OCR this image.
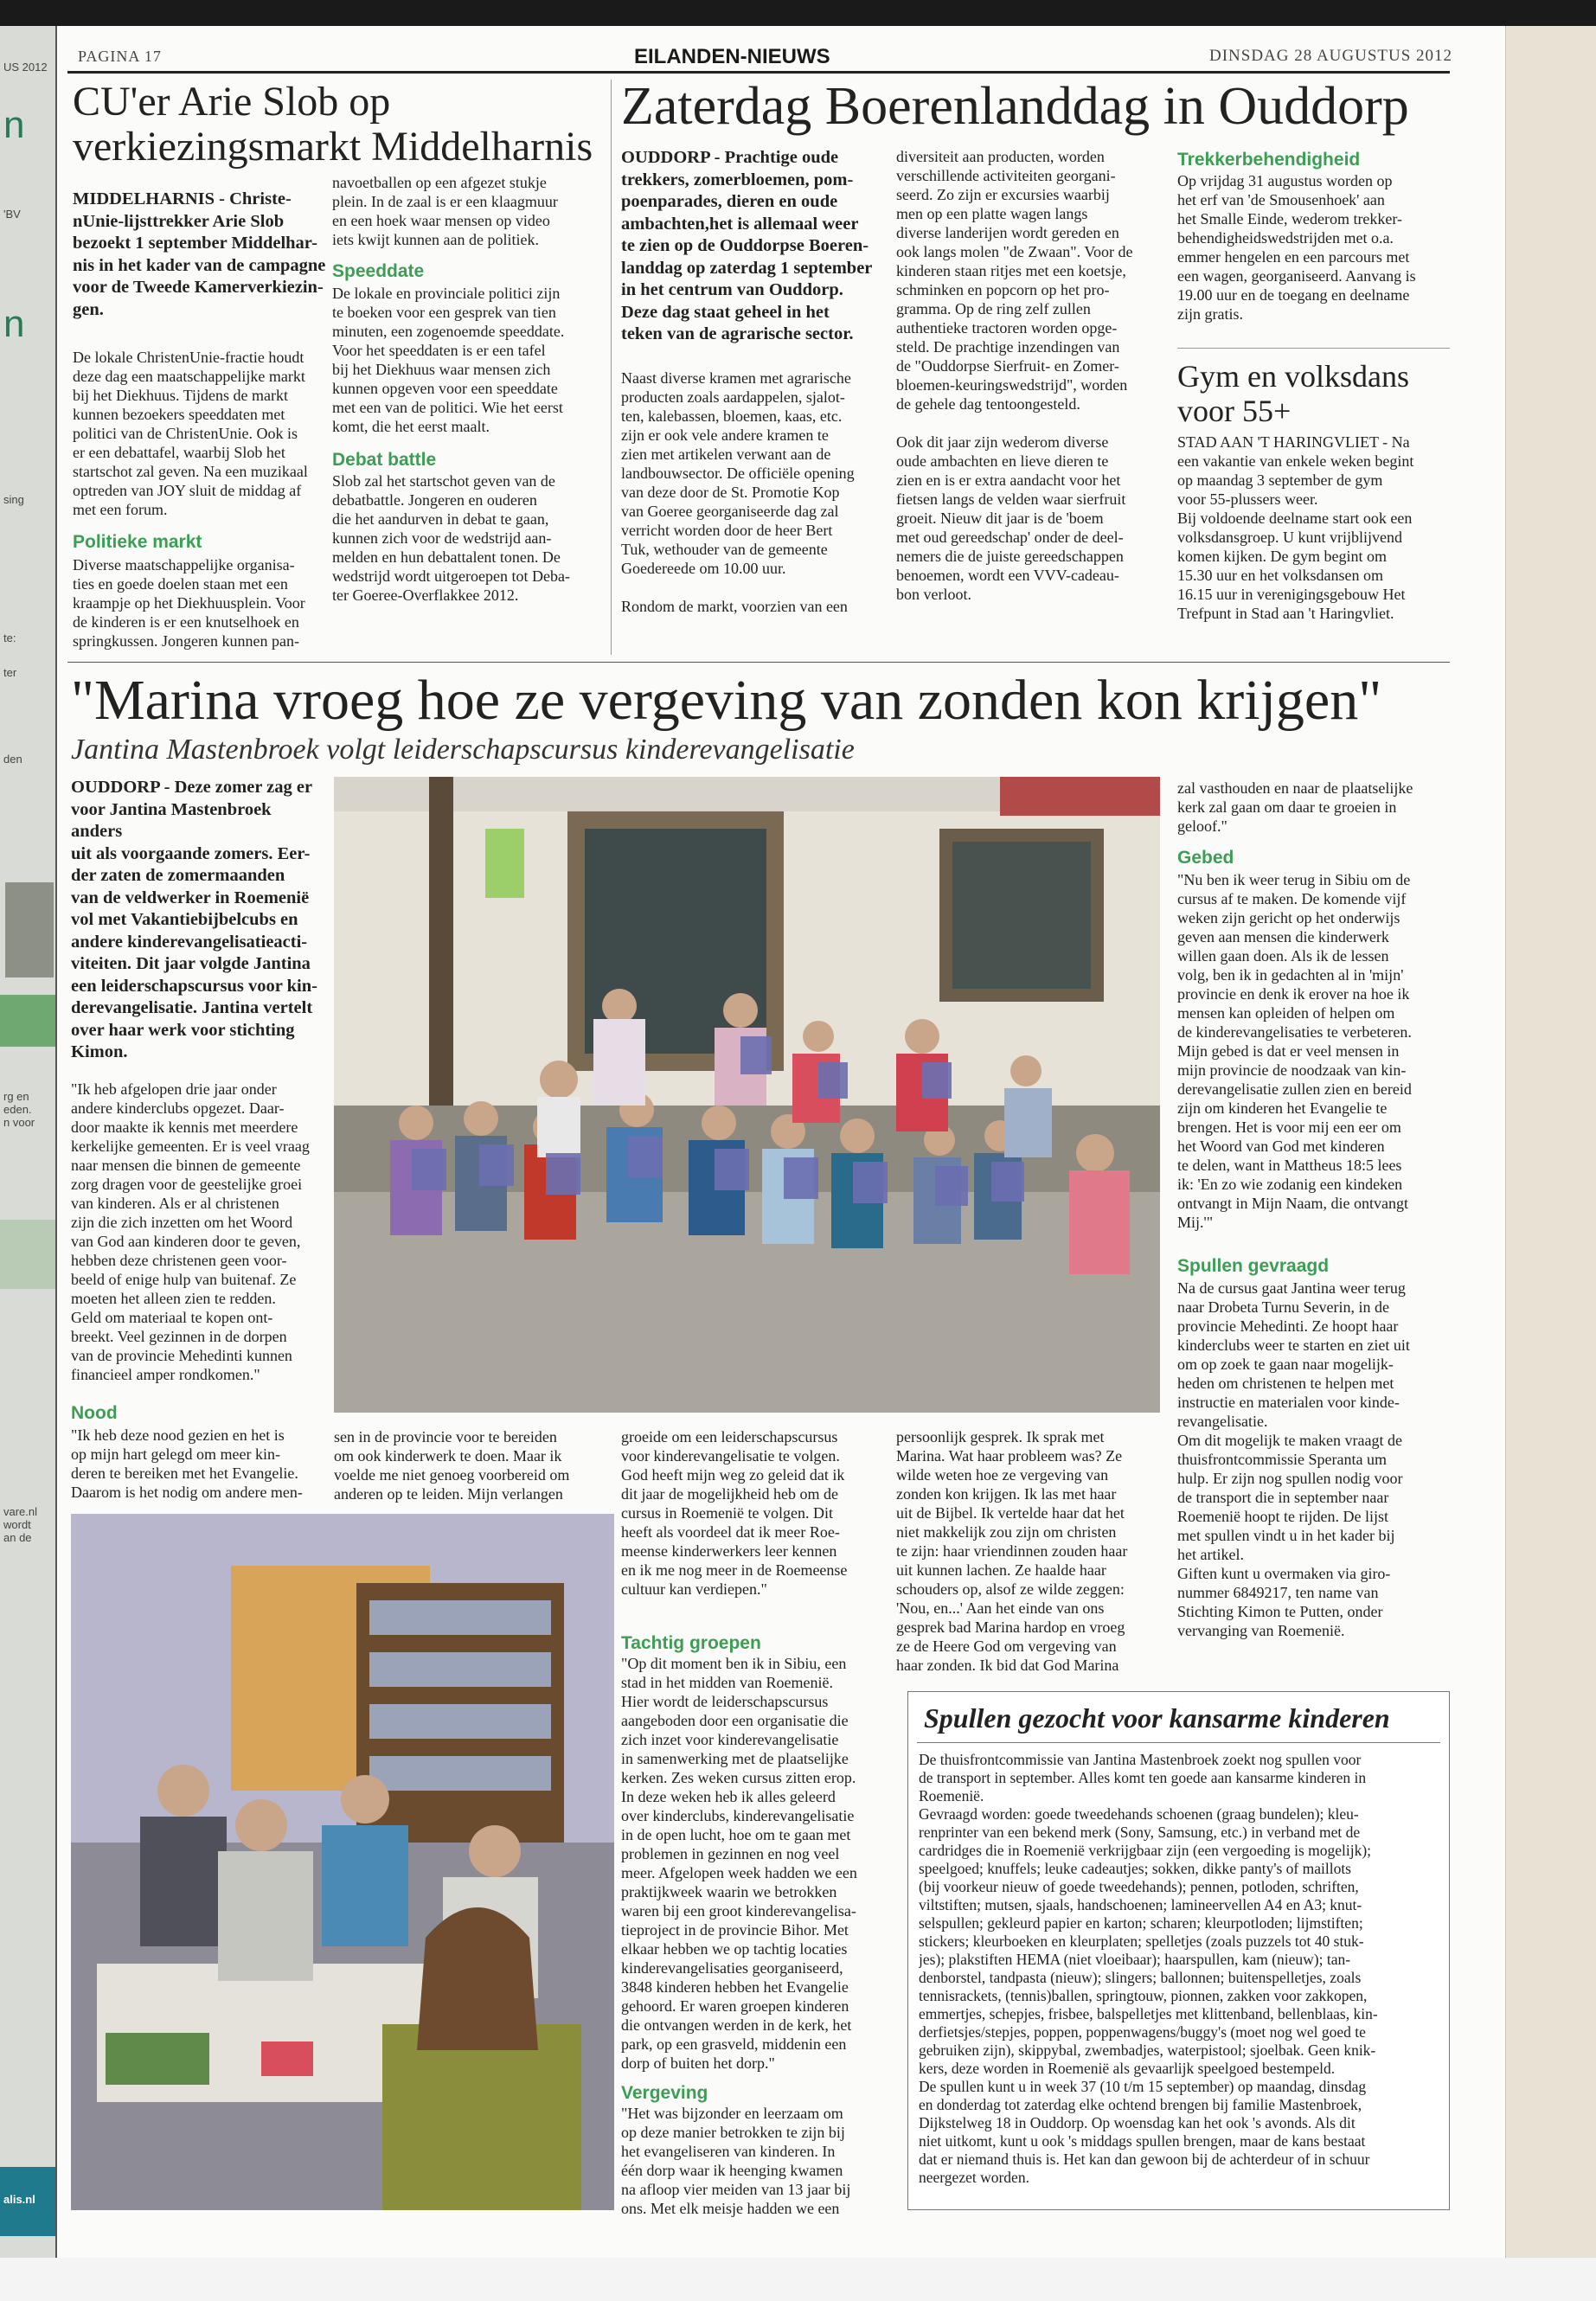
US 2012
n
'BV
n
sing
te:
ter
den
rg en
eden.
n voor
vare.nl
wordt
an de
alis.nl
PAGINA 17	EILANDEN-NIEUWS	DINSDAG 28 AUGUSTUS 2012
CU'er Arie Slob op verkiezingsmarkt Middelharnis
MIDDELHARNIS - Christe-
nUnie-lijsttrekker Arie Slob
bezoekt 1 september Middelhar-
nis in het kader van de campagne
voor de Tweede Kamerverkiezin-
gen.
De lokale ChristenUnie-fractie houdt
deze dag een maatschappelijke markt
bij het Diekhuus. Tijdens de markt
kunnen bezoekers speeddaten met
politici van de ChristenUnie. Ook is
er een debattafel, waarbij Slob het
startschot zal geven. Na een muzikaal
optreden van JOY sluit de middag af
met een forum.
Politieke markt
Diverse maatschappelijke organisa-
ties en goede doelen staan met een
kraampje op het Diekhuusplein. Voor
de kinderen is er een knutselhoek en
springkussen. Jongeren kunnen pan-
navoetballen op een afgezet stukje
plein. In de zaal is er een klaagmuur
en een hoek waar mensen op video
iets kwijt kunnen aan de politiek.
Speeddate
De lokale en provinciale politici zijn
te boeken voor een gesprek van tien
minuten, een zogenoemde speeddate.
Voor het speeddaten is er een tafel
bij het Diekhuus waar mensen zich
kunnen opgeven voor een speeddate
met een van de politici. Wie het eerst
komt, die het eerst maalt.
Debat battle
Slob zal het startschot geven van de
debatbattle. Jongeren en ouderen
die het aandurven in debat te gaan,
kunnen zich voor de wedstrijd aan-
melden en hun debattalent tonen. De
wedstrijd wordt uitgeroepen tot Deba-
ter Goeree-Overflakkee 2012.
Zaterdag Boerenlanddag in Ouddorp
OUDDORP - Prachtige oude
trekkers, zomerbloemen, pom-
poenparades, dieren en oude
ambachten,het is allemaal weer
te zien op de Ouddorpse Boeren-
landdag op zaterdag 1 september
in het centrum van Ouddorp.
Deze dag staat geheel in het
teken van de agrarische sector.
Naast diverse kramen met agrarische
producten zoals aardappelen, sjalot-
ten, kalebassen, bloemen, kaas, etc.
zijn er ook vele andere kramen te
zien met artikelen verwant aan de
landbouwsector. De officiële opening
van deze door de St. Promotie Kop
van Goeree georganiseerde dag zal
verricht worden door de heer Bert
Tuk, wethouder van de gemeente
Goedereede om 10.00 uur.

Rondom de markt, voorzien van een
diversiteit aan producten, worden
verschillende activiteiten georgani-
seerd. Zo zijn er excursies waarbij
men op een platte wagen langs
diverse landerijen wordt gereden en
ook langs molen "de Zwaan". Voor de
kinderen staan ritjes met een koetsje,
schminken en popcorn op het pro-
gramma. Op de ring zelf zullen
authentieke tractoren worden opge-
steld. De prachtige inzendingen van
de "Ouddorpse Sierfruit- en Zomer-
bloemen-keuringswedstrijd", worden
de gehele dag tentoongesteld.

Ook dit jaar zijn wederom diverse
oude ambachten en lieve dieren te
zien en is er extra aandacht voor het
fietsen langs de velden waar sierfruit
groeit. Nieuw dit jaar is de 'boem
met oud gereedschap' onder de deel-
nemers die de juiste gereedschappen
benoemen, wordt een VVV-cadeau-
bon verloot.
Trekkerbehendigheid
Op vrijdag 31 augustus worden op
het erf van 'de Smousenhoek' aan
het Smalle Einde, wederom trekker-
behendigheidswedstrijden met o.a.
emmer hengelen en een parcours met
een wagen, georganiseerd. Aanvang is
19.00 uur en de toegang en deelname
zijn gratis.
Gym en volksdans voor 55+
STAD AAN 'T HARINGVLIET - Na
een vakantie van enkele weken begint
op maandag 3 september de gym
voor 55-plussers weer.
Bij voldoende deelname start ook een
volksdansgroep. U kunt vrijblijvend
komen kijken. De gym begint om
15.30 uur en het volksdansen om
16.15 uur in verenigingsgebouw Het
Trefpunt in Stad aan 't Haringvliet.
"Marina vroeg hoe ze vergeving van zonden kon krijgen"
Jantina Mastenbroek volgt leiderschapscursus kinderevangelisatie
OUDDORP - Deze zomer zag er
voor Jantina Mastenbroek anders
uit als voorgaande zomers. Eer-
der zaten de zomermaanden
van de veldwerker in Roemenië
vol met Vakantiebijbelcubs en
andere kinderevangelisatieacti-
viteiten. Dit jaar volgde Jantina
een leiderschapscursus voor kin-
derevangelisatie. Jantina vertelt
over haar werk voor stichting
Kimon.
"Ik heb afgelopen drie jaar onder
andere kinderclubs opgezet. Daar-
door maakte ik kennis met meerdere
kerkelijke gemeenten. Er is veel vraag
naar mensen die binnen de gemeente
zorg dragen voor de geestelijke groei
van kinderen. Als er al christenen
zijn die zich inzetten om het Woord
van God aan kinderen door te geven,
hebben deze christenen geen voor-
beeld of enige hulp van buitenaf. Ze
moeten het alleen zien te redden.
Geld om materiaal te kopen ont-
breekt. Veel gezinnen in de dorpen
van de provincie Mehedinti kunnen
financieel amper rondkomen."
Nood
"Ik heb deze nood gezien en het is
op mijn hart gelegd om meer kin-
deren te bereiken met het Evangelie.
Daarom is het nodig om andere men-
sen in de provincie voor te bereiden
om ook kinderwerk te doen. Maar ik
voelde me niet genoeg voorbereid om
anderen op te leiden. Mijn verlangen
groeide om een leiderschapscursus
voor kinderevangelisatie te volgen.
God heeft mijn weg zo geleid dat ik
dit jaar de mogelijkheid heb om de
cursus in Roemenië te volgen. Dit
heeft als voordeel dat ik meer Roe-
meense kinderwerkers leer kennen
en ik me nog meer in de Roemeense
cultuur kan verdiepen."
Tachtig groepen
"Op dit moment ben ik in Sibiu, een
stad in het midden van Roemenië.
Hier wordt de leiderschapscursus
aangeboden door een organisatie die
zich inzet voor kinderevangelisatie
in samenwerking met de plaatselijke
kerken. Zes weken cursus zitten erop.
In deze weken heb ik alles geleerd
over kinderclubs, kinderevangelisatie
in de open lucht, hoe om te gaan met
problemen in gezinnen en nog veel
meer. Afgelopen week hadden we een
praktijkweek waarin we betrokken
waren bij een groot kinderevangelisa-
tieproject in de provincie Bihor. Met
elkaar hebben we op tachtig locaties
kinderevangelisaties georganiseerd,
3848 kinderen hebben het Evangelie
gehoord. Er waren groepen kinderen
die ontvangen werden in de kerk, het
park, op een grasveld, middenin een
dorp of buiten het dorp."
Vergeving
"Het was bijzonder en leerzaam om
op deze manier betrokken te zijn bij
het evangeliseren van kinderen. In
één dorp waar ik heenging kwamen
na afloop vier meiden van 13 jaar bij
ons. Met elk meisje hadden we een
persoonlijk gesprek. Ik sprak met
Marina. Wat haar probleem was? Ze
wilde weten hoe ze vergeving van
zonden kon krijgen. Ik las met haar
uit de Bijbel. Ik vertelde haar dat het
niet makkelijk zou zijn om christen
te zijn: haar vriendinnen zouden haar
uit kunnen lachen. Ze haalde haar
schouders op, alsof ze wilde zeggen:
'Nou, en...' Aan het einde van ons
gesprek bad Marina hardop en vroeg
ze de Heere God om vergeving van
haar zonden. Ik bid dat God Marina
zal vasthouden en naar de plaatselijke
kerk zal gaan om daar te groeien in
geloof."
Gebed
"Nu ben ik weer terug in Sibiu om de
cursus af te maken. De komende vijf
weken zijn gericht op het onderwijs
geven aan mensen die kinderwerk
willen gaan doen. Als ik de lessen
volg, ben ik in gedachten al in 'mijn'
provincie en denk ik erover na hoe ik
mensen kan opleiden of helpen om
de kinderevangelisaties te verbeteren.
Mijn gebed is dat er veel mensen in
mijn provincie de noodzaak van kin-
derevangelisatie zullen zien en bereid
zijn om kinderen het Evangelie te
brengen. Het is voor mij een eer om
het Woord van God met kinderen
te delen, want in Mattheus 18:5 lees
ik: 'En zo wie zodanig een kindeken
ontvangt in Mijn Naam, die ontvangt
Mij.'"
Spullen gevraagd
Na de cursus gaat Jantina weer terug
naar Drobeta Turnu Severin, in de
provincie Mehedinti. Ze hoopt haar
kinderclubs weer te starten en ziet uit
om op zoek te gaan naar mogelijk-
heden om christenen te helpen met
instructie en materialen voor kinde-
revangelisatie.
Om dit mogelijk te maken vraagt de
thuisfrontcommissie Speranta um
hulp. Er zijn nog spullen nodig voor
de transport die in september naar
Roemenië hoopt te rijden. De lijst
met spullen vindt u in het kader bij
het artikel.
Giften kunt u overmaken via giro-
nummer 6849217, ten name van
Stichting Kimon te Putten, onder
vervanging van Roemenië.
Spullen gezocht voor kansarme kinderen
De thuisfrontcommissie van Jantina Mastenbroek zoekt nog spullen voor
de transport in september. Alles komt ten goede aan kansarme kinderen in
Roemenië.
Gevraagd worden: goede tweedehands schoenen (graag bundelen); kleu-
renprinter van een bekend merk (Sony, Samsung, etc.) in verband met de
cardridges die in Roemenië verkrijgbaar zijn (een vergoeding is mogelijk);
speelgoed; knuffels; leuke cadeautjes; sokken, dikke panty's of maillots
(bij voorkeur nieuw of goede tweedehands); pennen, potloden, schriften,
viltstiften; mutsen, sjaals, handschoenen; lamineervellen A4 en A3; knut-
selspullen; gekleurd papier en karton; scharen; kleurpotloden; lijmstiften;
stickers; kleurboeken en kleurplaten; spelletjes (zoals puzzels tot 40 stuk-
jes); plakstiften HEMA (niet vloeibaar); haarspullen, kam (nieuw); tan-
denborstel, tandpasta (nieuw); slingers; ballonnen; buitenspelletjes, zoals
tennisrackets, (tennis)ballen, springtouw, pionnen, zakken voor zakkopen,
emmertjes, schepjes, frisbee, balspelletjes met klittenband, bellenblaas, kin-
derfietsjes/stepjes, poppen, poppenwagens/buggy's (moet nog wel goed te
gebruiken zijn), skippybal, zwembadjes, waterpistool; sjoelbak. Geen knik-
kers, deze worden in Roemenië als gevaarlijk speelgoed bestempeld.
De spullen kunt u in week 37 (10 t/m 15 september) op maandag, dinsdag
en donderdag tot zaterdag elke ochtend brengen bij familie Mastenbroek,
Dijkstelweg 18 in Ouddorp. Op woensdag kan het ook 's avonds. Als dit
niet uitkomt, kunt u ook 's middags spullen brengen, maar de kans bestaat
dat er niemand thuis is. Het kan dan gewoon bij de achterdeur of in schuur
neergezet worden.
